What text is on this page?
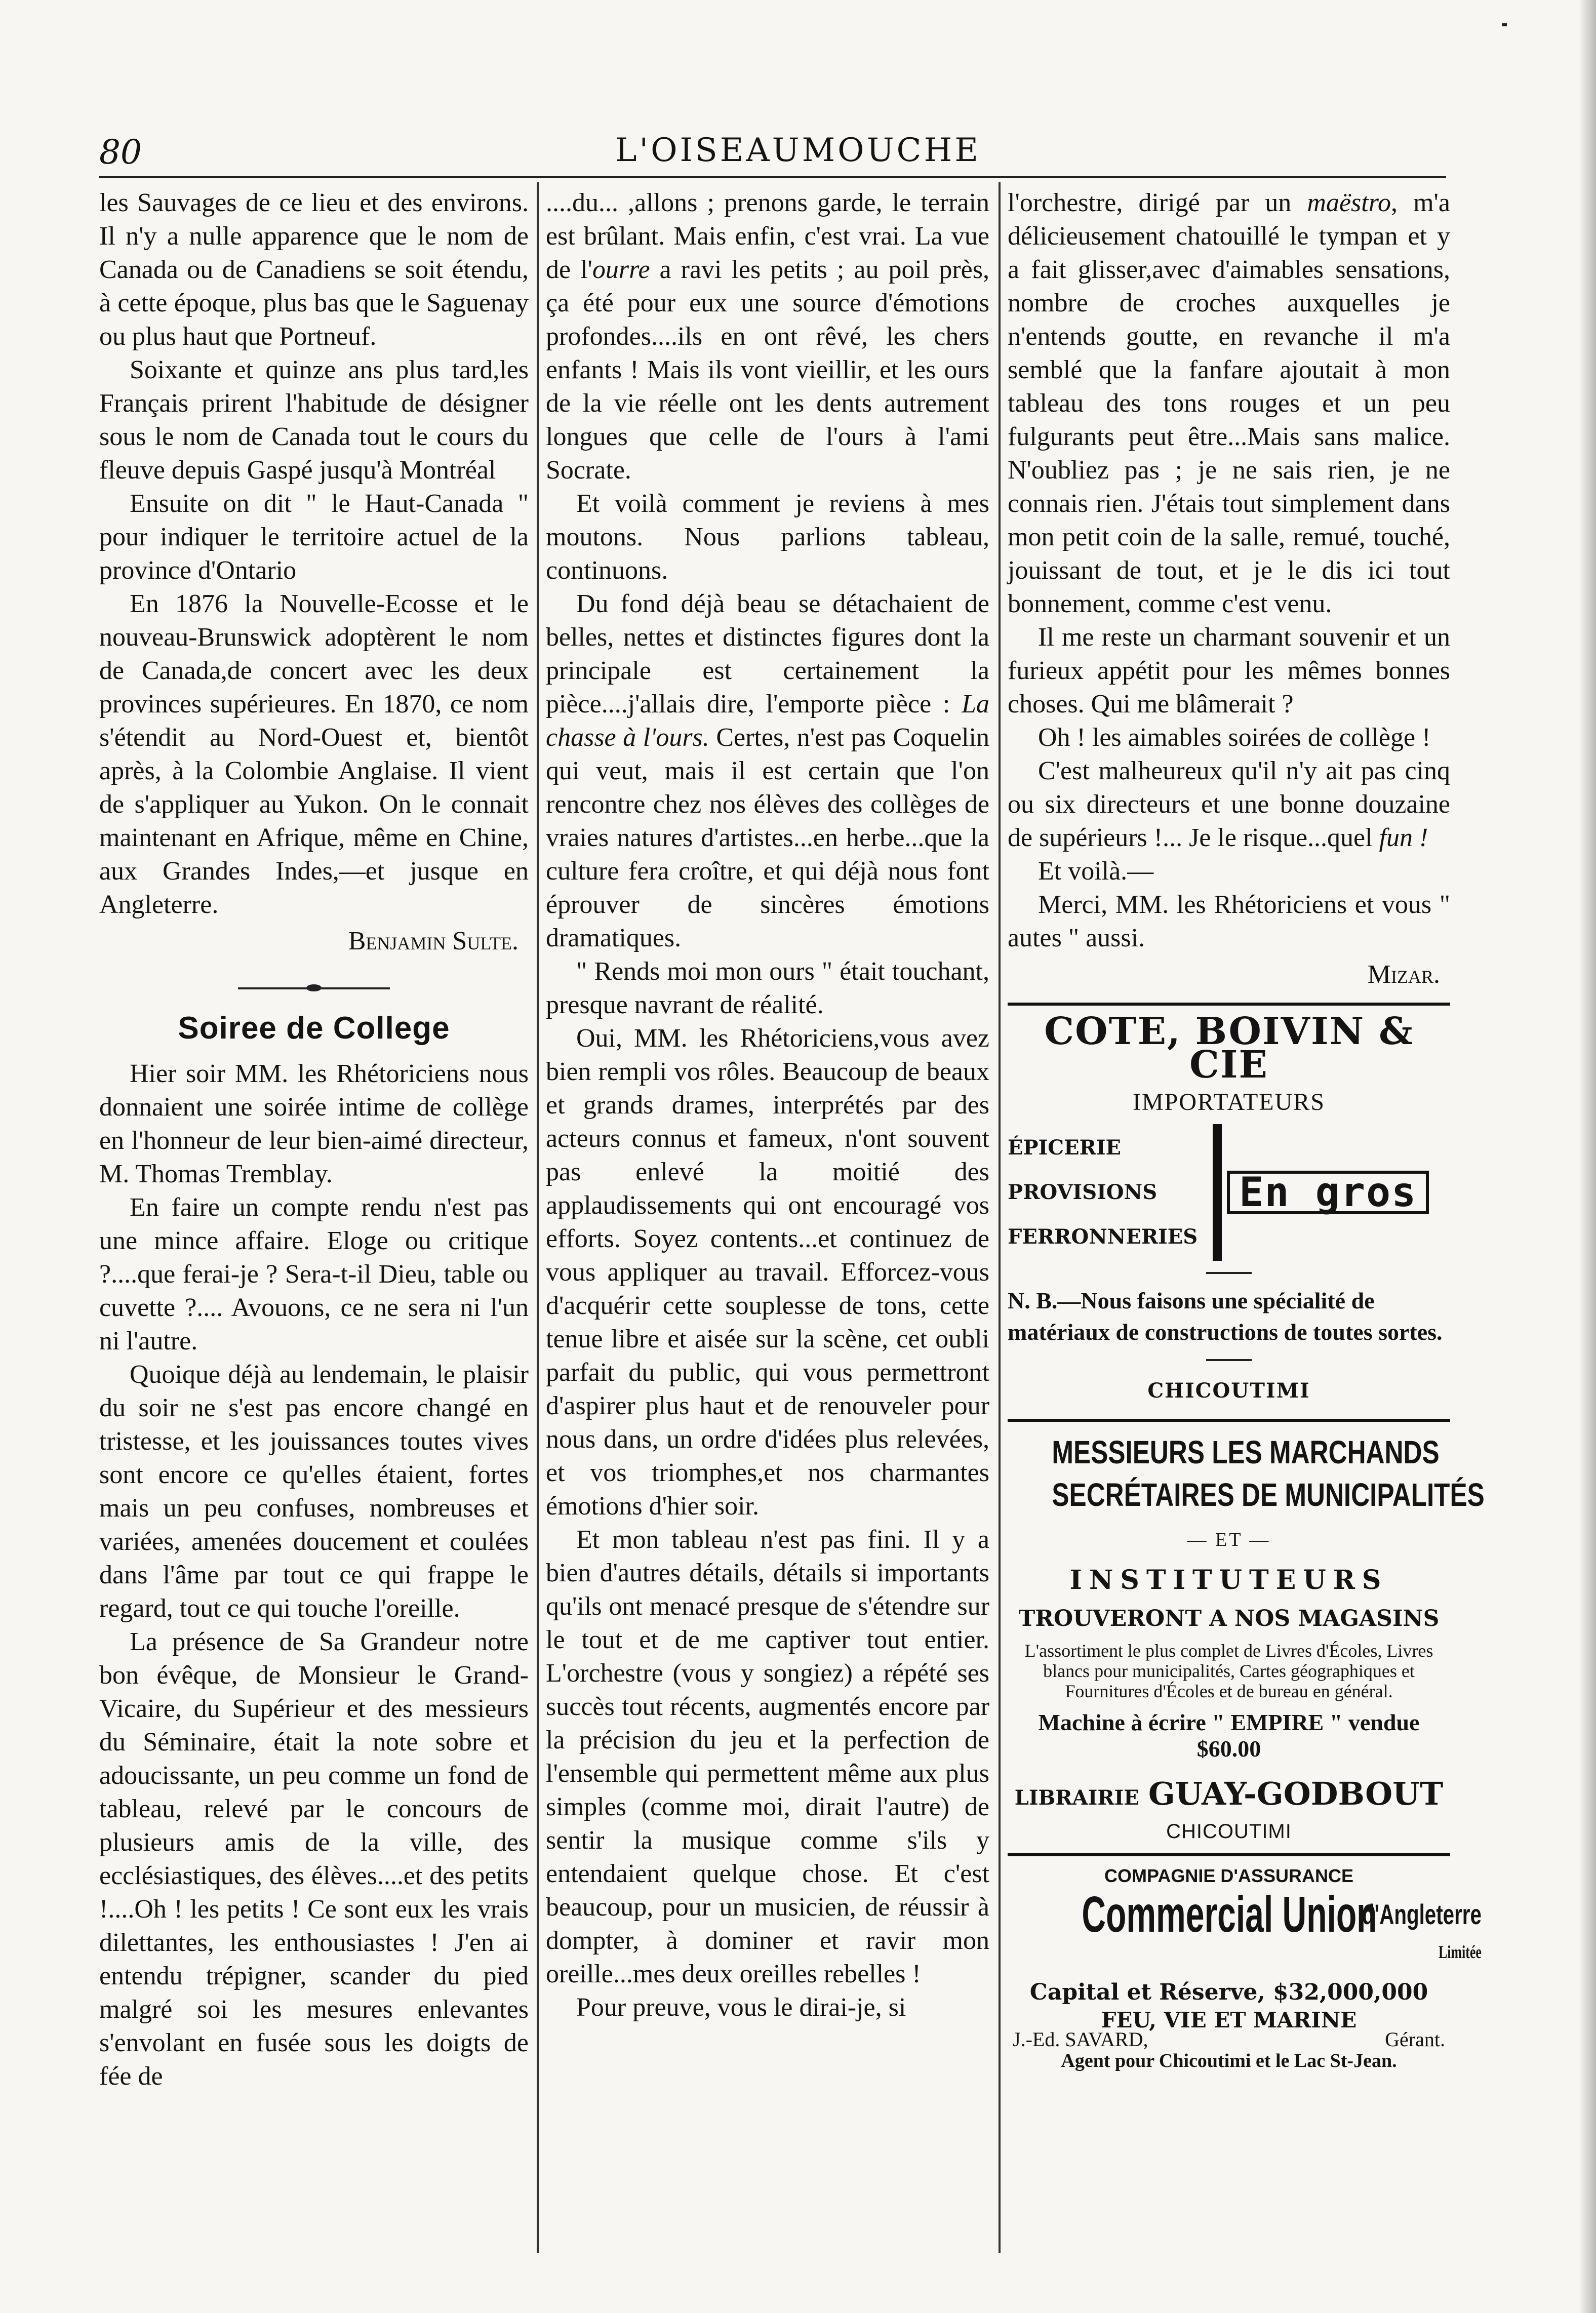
80	L'OISEAUMOUCHE

les Sauvages de ce lieu et des environs. Il n'y a nulle apparence que le nom de Canada ou de Canadiens se soit étendu, à cette époque, plus bas que le Saguenay ou plus haut que Portneuf.

Soixante et quinze ans plus tard,les Français prirent l'habitude de désigner sous le nom de Canada tout le cours du fleuve depuis Gaspé jusqu'à Montréal

Ensuite on dit " le Haut-Canada " pour indiquer le territoire actuel de la province d'Ontario

En 1876 la Nouvelle-Ecosse et le nouveau-Brunswick adoptèrent le nom de Canada,de concert avec les deux provinces supérieures. En 1870, ce nom s'étendit au Nord-Ouest et, bientôt après, à la Colombie Anglaise. Il vient de s'appliquer au Yukon. On le connait maintenant en Afrique, même en Chine, aux Grandes Indes,—et jusque en Angleterre.

Benjamin Sulte.
Soiree de College

Hier soir MM. les Rhétoriciens nous donnaient une soirée intime de collège en l'honneur de leur bien-aimé directeur, M. Thomas Tremblay.

En faire un compte rendu n'est pas une mince affaire. Eloge ou critique ?....que ferai-je ? Sera-t-il Dieu, table ou cuvette ?.... Avouons, ce ne sera ni l'un ni l'autre.

Quoique déjà au lendemain, le plaisir du soir ne s'est pas encore changé en tristesse, et les jouissances toutes vives sont encore ce qu'elles étaient, fortes mais un peu confuses, nombreuses et variées, amenées doucement et coulées dans l'âme par tout ce qui frappe le regard, tout ce qui touche l'oreille.

La présence de Sa Grandeur notre bon évêque, de Monsieur le Grand-Vicaire, du Supérieur et des messieurs du Séminaire, était la note sobre et adoucissante, un peu comme un fond de tableau, relevé par le concours de plusieurs amis de la ville, des ecclésiastiques, des élèves....et des petits !....Oh ! les petits ! Ce sont eux les vrais dilettantes, les enthousiastes ! J'en ai entendu trépigner, scander du pied malgré soi les mesures enlevantes s'envolant en fusée sous les doigts de fée de

....du... ,allons ; prenons garde, le terrain est brûlant. Mais enfin, c'est vrai. La vue de l'ourre a ravi les petits ; au poil près, ça été pour eux une source d'émotions profondes....ils en ont rêvé, les chers enfants ! Mais ils vont vieillir, et les ours de la vie réelle ont les dents autrement longues que celle de l'ours à l'ami Socrate.

Et voilà comment je reviens à mes moutons. Nous parlions tableau, continuons.

Du fond déjà beau se détachaient de belles, nettes et distinctes figures dont la principale est certainement la pièce....j'allais dire, l'emporte pièce : La chasse à l'ours. Certes, n'est pas Coquelin qui veut, mais il est certain que l'on rencontre chez nos élèves des collèges de vraies natures d'artistes...en herbe...que la culture fera croître, et qui déjà nous font éprouver de sincères émotions dramatiques.

" Rends moi mon ours " était touchant, presque navrant de réalité.

Oui, MM. les Rhétoriciens,vous avez bien rempli vos rôles. Beaucoup de beaux et grands drames, interprétés par des acteurs connus et fameux, n'ont souvent pas enlevé la moitié des applaudissements qui ont encouragé vos efforts. Soyez contents...et continuez de vous appliquer au travail. Efforcez-vous d'acquérir cette souplesse de tons, cette tenue libre et aisée sur la scène, cet oubli parfait du public, qui vous permettront d'aspirer plus haut et de renouveler pour nous dans, un ordre d'idées plus relevées, et vos triomphes,et nos charmantes émotions d'hier soir.

Et mon tableau n'est pas fini. Il y a bien d'autres détails, détails si importants qu'ils ont menacé presque de s'étendre sur le tout et de me captiver tout entier. L'orchestre (vous y songiez) a répété ses succès tout récents, augmentés encore par la précision du jeu et la perfection de l'ensemble qui permettent même aux plus simples (comme moi, dirait l'autre) de sentir la musique comme s'ils y entendaient quelque chose. Et c'est beaucoup, pour un musicien, de réussir à dompter, à dominer et ravir mon oreille...mes deux oreilles rebelles !

Pour preuve, vous le dirai-je, si

l'orchestre, dirigé par un maëstro, m'a délicieusement chatouillé le tympan et y a fait glisser,avec d'aimables sensations, nombre de croches auxquelles je n'entends goutte, en revanche il m'a semblé que la fanfare ajoutait à mon tableau des tons rouges et un peu fulgurants peut être...Mais sans malice. N'oubliez pas ; je ne sais rien, je ne connais rien. J'étais tout simplement dans mon petit coin de la salle, remué, touché, jouissant de tout, et je le dis ici tout bonnement, comme c'est venu.

Il me reste un charmant souvenir et un furieux appétit pour les mêmes bonnes choses. Qui me blâmerait ?

Oh ! les aimables soirées de collège !

C'est malheureux qu'il n'y ait pas cinq ou six directeurs et une bonne douzaine de supérieurs !... Je le risque...quel fun !

Et voilà.—

Merci, MM. les Rhétoriciens et vous " autes " aussi.

Mizar.
COTE, BOIVIN & CIE
IMPORTATEURS
ÉPICERIE
PROVISIONS
FERRONNERIES
En gros
N. B.—Nous faisons une spécialité de matériaux de constructions de toutes sortes.
CHICOUTIMI
MESSIEURS LES MARCHANDS
SECRÉTAIRES DE MUNICIPALITÉS
— ET —
INSTITUTEURS
TROUVERONT A NOS MAGASINS
L'assortiment le plus complet de Livres d'Écoles, Livres blancs pour municipalités, Cartes géographiques et Fournitures d'Écoles et de bureau en général.
Machine à écrire " EMPIRE " vendue $60.00
LIBRAIRIE GUAY-GODBOUT
CHICOUTIMI
COMPAGNIE D'ASSURANCE
Commercial Union
d'Angleterre
Limitée
Capital et Réserve, $32,000,000
FEU, VIE ET MARINE
J.-Ed. SAVARD,	Gérant.
Agent pour Chicoutimi et le Lac St-Jean.
